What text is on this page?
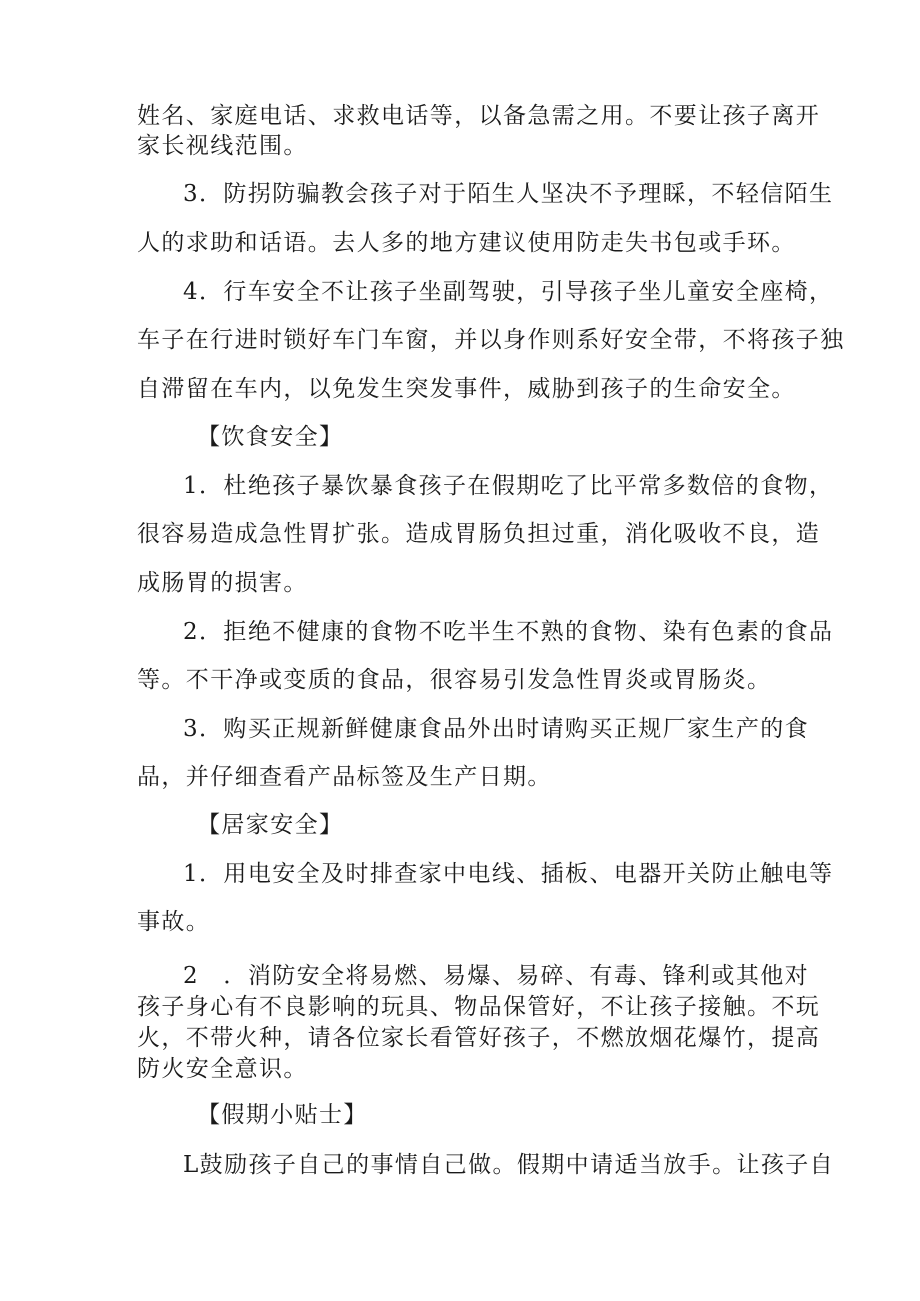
姓名、家庭电话、求救电话等，以备急需之用。不要让孩子离开
家长视线范围。
3．防拐防骗教会孩子对于陌生人坚决不予理睬，不轻信陌生
人的求助和话语。去人多的地方建议使用防走失书包或手环。
4．行车安全不让孩子坐副驾驶，引导孩子坐儿童安全座椅，
车子在行进时锁好车门车窗，并以身作则系好安全带，不将孩子独
自滞留在车内，以免发生突发事件，威胁到孩子的生命安全。
【饮食安全】
1．杜绝孩子暴饮暴食孩子在假期吃了比平常多数倍的食物，
很容易造成急性胃扩张。造成胃肠负担过重，消化吸收不良，造
成肠胃的损害。
2．拒绝不健康的食物不吃半生不熟的食物、染有色素的食品
等。不干净或变质的食品，很容易引发急性胃炎或胃肠炎。
3．购买正规新鲜健康食品外出时请购买正规厂家生产的食
品，并仔细查看产品标签及生产日期。
【居家安全】
1．用电安全及时排查家中电线、插板、电器开关防止触电等
事故。
2　．消防安全将易燃、易爆、易碎、有毒、锋利或其他对
孩子身心有不良影响的玩具、物品保管好，不让孩子接触。不玩
火，不带火种，请各位家长看管好孩子，不燃放烟花爆竹，提高
防火安全意识。
【假期小贴士】
L鼓励孩子自己的事情自己做。假期中请适当放手。让孩子自
